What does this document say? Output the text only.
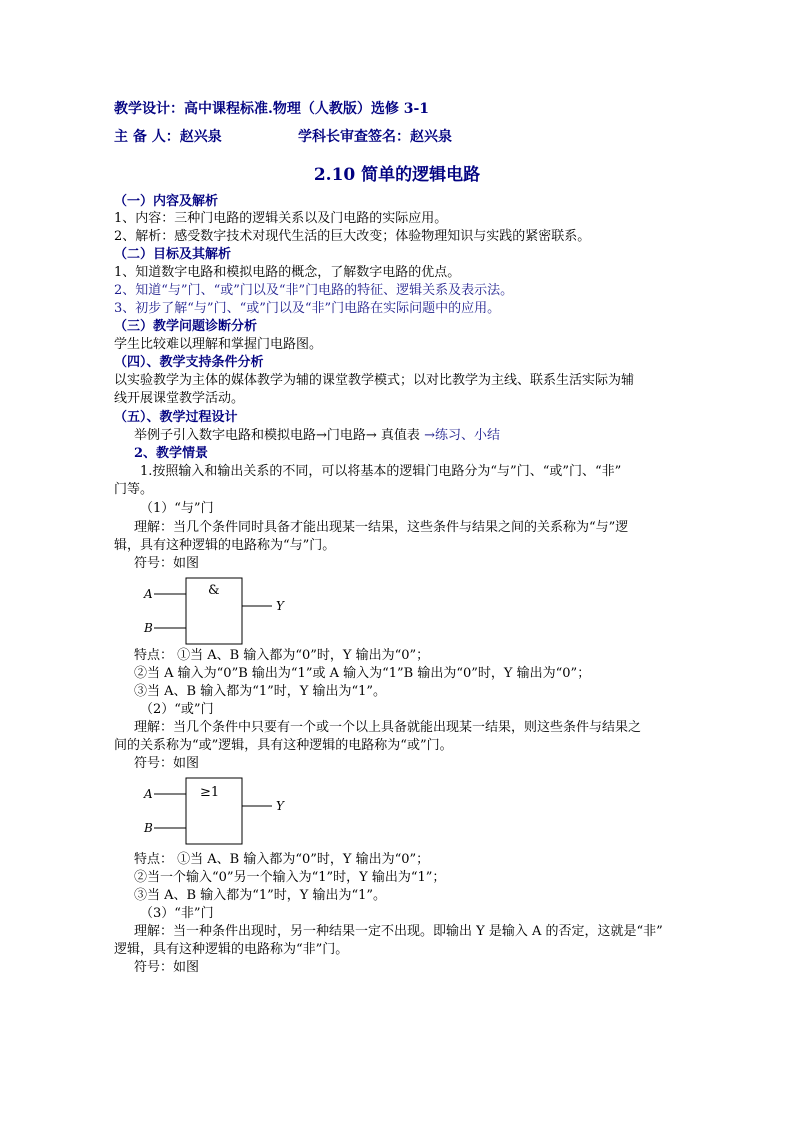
教学设计：高中课程标准.物理（人教版）选修 3-1
主 备 人：赵兴泉	学科长审查签名：赵兴泉
2.10 简单的逻辑电路
（一）内容及解析
1、内容：三种门电路的逻辑关系以及门电路的实际应用。
2、解析：感受数字技术对现代生活的巨大改变；体验物理知识与实践的紧密联系。
（二）目标及其解析
1、知道数字电路和模拟电路的概念，了解数字电路的优点。
2、知道“与”门、“或”门以及“非”门电路的特征、逻辑关系及表示法。
3、初步了解“与”门、“或”门以及“非”门电路在实际问题中的应用。
（三）教学问题诊断分析
学生比较难以理解和掌握门电路图。
（四）、教学支持条件分析
以实验教学为主体的媒体教学为辅的课堂教学模式；以对比教学为主线、联系生活实际为辅
线开展课堂教学活动。
（五）、教学过程设计
举例子引入数字电路和模拟电路→门电路→ 真值表 →练习、小结
2、教学情景
1.按照输入和输出关系的不同，可以将基本的逻辑门电路分为“与”门、“或”门、“非”
门等。
（1）“与”门
理解：当几个条件同时具备才能出现某一结果，这些条件与结果之间的关系称为“与”逻
辑，具有这种逻辑的电路称为“与”门。
符号：如图
&
A
B
Y
特点： ①当 A、B 输入都为“0”时，Y 输出为“0”；
②当 A 输入为“0”B 输出为“1”或 A 输入为“1”B 输出为“0”时，Y 输出为“0”；
③当 A、B 输入都为“1”时，Y 输出为“1”。
（2）“或”门
理解：当几个条件中只要有一个或一个以上具备就能出现某一结果，则这些条件与结果之
间的关系称为“或”逻辑，具有这种逻辑的电路称为“或”门。
符号：如图
≥1
A
B
Y
特点： ①当 A、B 输入都为“0”时，Y 输出为“0”；
②当一个输入“0”另一个输入为“1”时，Y 输出为“1”；
③当 A、B 输入都为“1”时，Y 输出为“1”。
（3）“非”门
理解：当一种条件出现时，另一种结果一定不出现。即输出 Y 是输入 A 的否定，这就是“非”
逻辑，具有这种逻辑的电路称为“非”门。
符号：如图
